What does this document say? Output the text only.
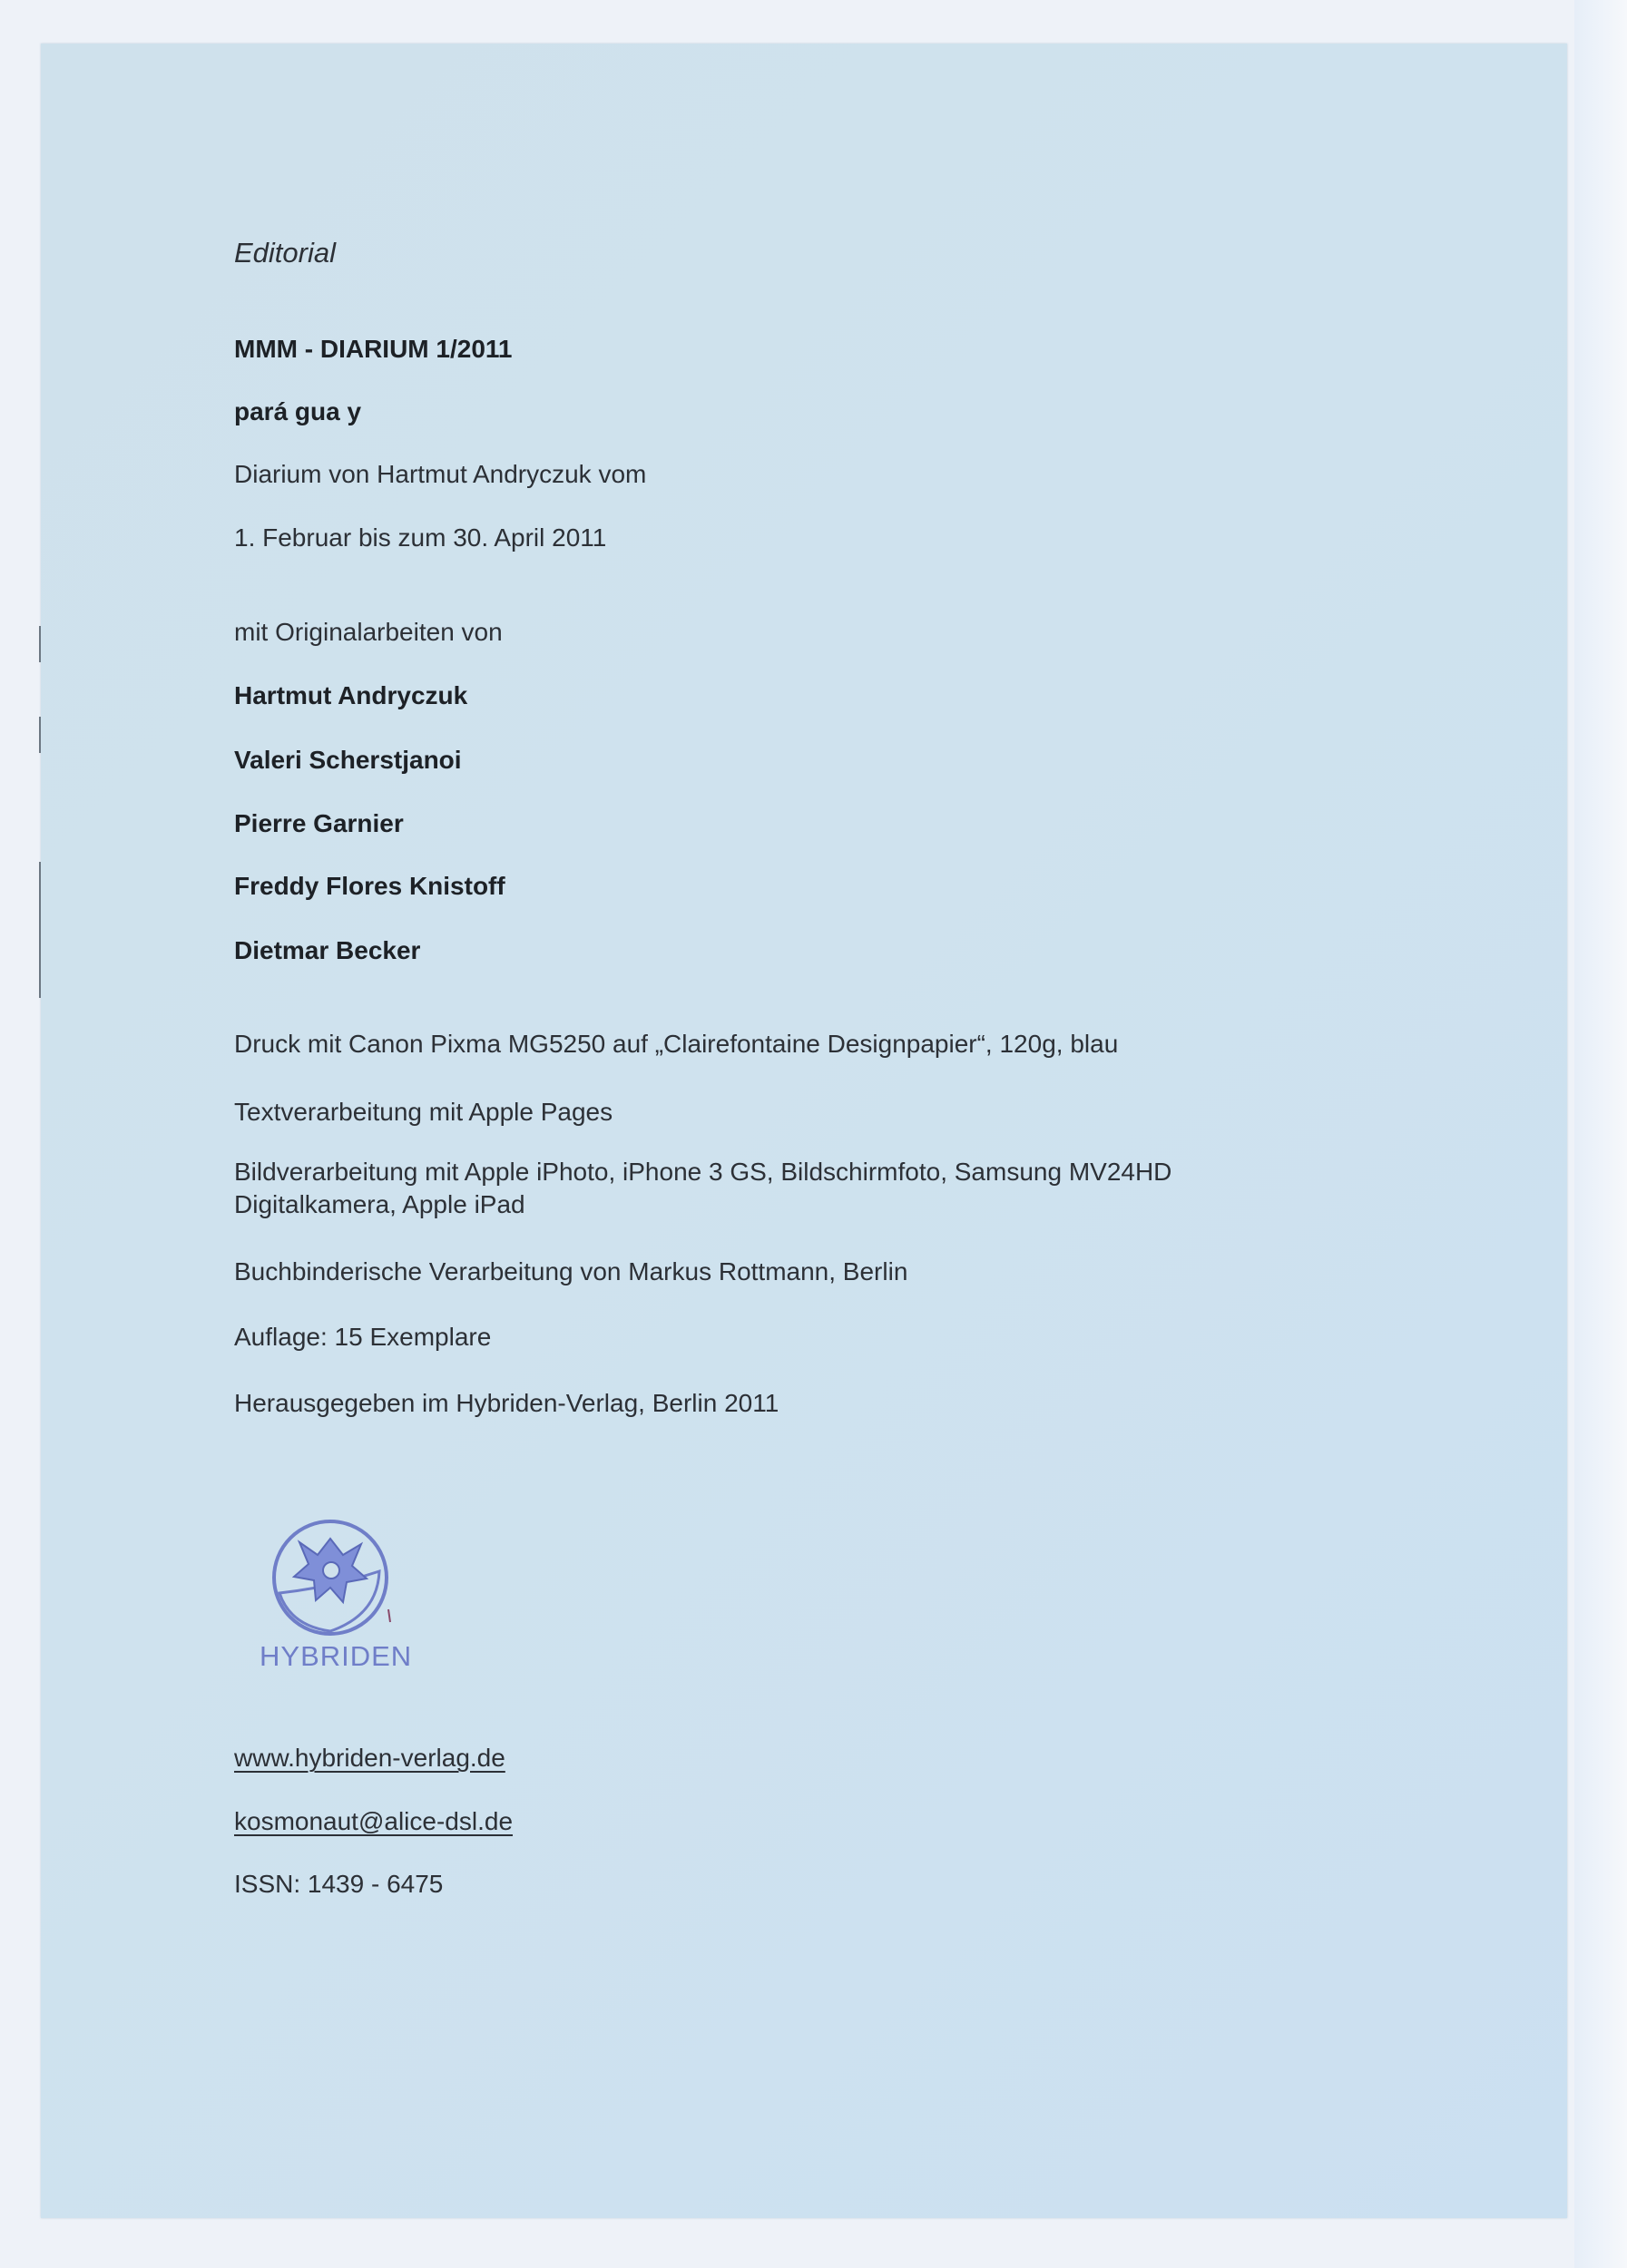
Editorial

MMM - DIARIUM 1/2011

pará gua y

Diarium von Hartmut Andryczuk vom

1. Februar bis zum 30. April 2011

mit Originalarbeiten von

Hartmut Andryczuk

Valeri Scherstjanoi

Pierre Garnier

Freddy Flores Knistoff

Dietmar Becker

Druck mit Canon Pixma MG5250 auf „Clairefontaine Designpapier“, 120g, blau

Textverarbeitung mit Apple Pages

Bildverarbeitung mit Apple iPhoto, iPhone 3 GS, Bildschirmfoto, Samsung MV24HD
Digitalkamera, Apple iPad

Buchbinderische Verarbeitung von Markus Rottmann, Berlin

Auflage: 15 Exemplare

Herausgegeben im Hybriden-Verlag, Berlin 2011

HYBRIDEN

www.hybriden-verlag.de

kosmonaut@alice-dsl.de

ISSN: 1439 - 6475
